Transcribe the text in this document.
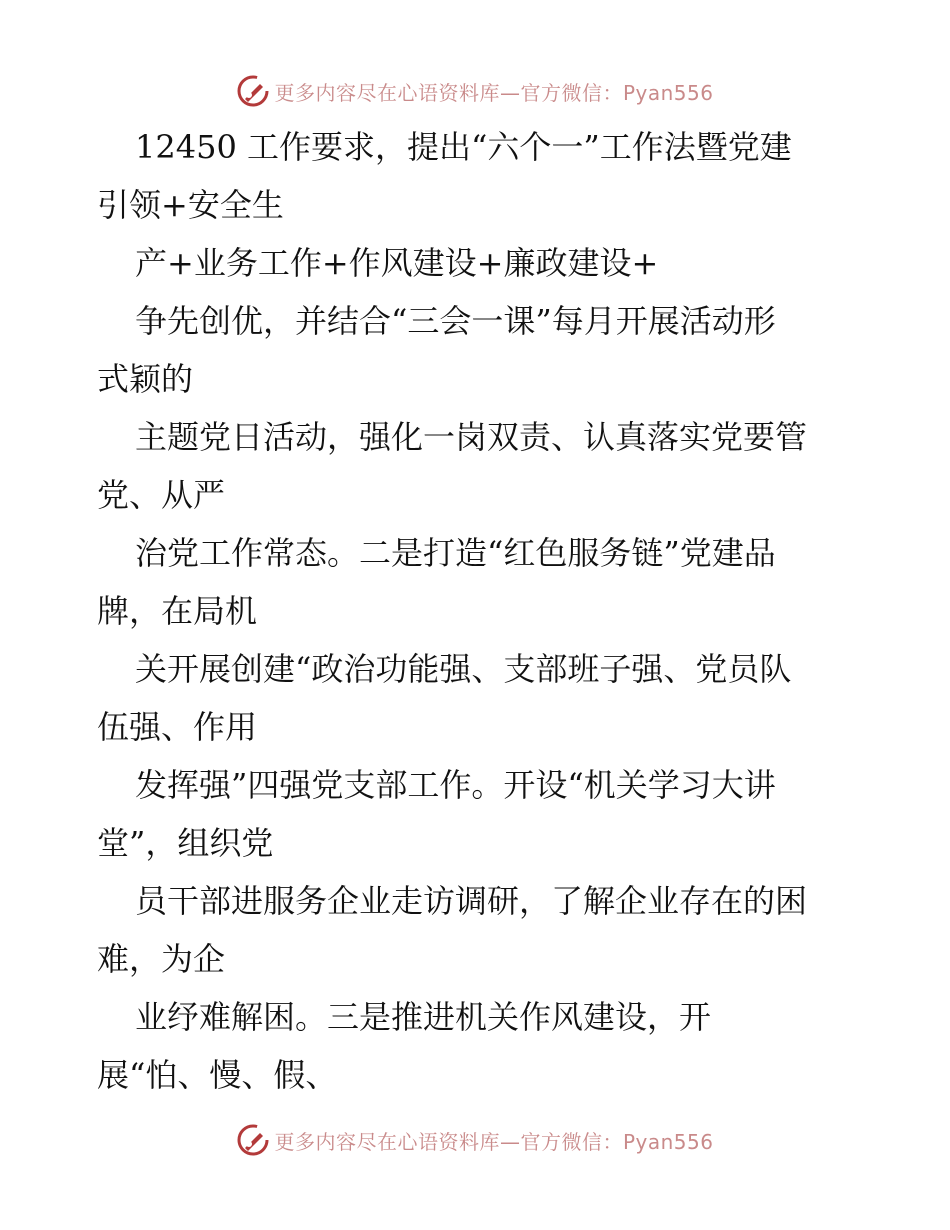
更多内容尽在心语资料库—官方微信：Pyan556
12450 工作要求，提出“六个一”工作法暨党建
引领+安全生
产+业务工作+作风建设+廉政建设+
争先创优，并结合“三会一课”每月开展活动形
式颖的
主题党日活动，强化一岗双责、认真落实党要管
党、从严
治党工作常态。二是打造“红色服务链”党建品
牌，在局机
关开展创建“政治功能强、支部班子强、党员队
伍强、作用
发挥强”四强党支部工作。开设“机关学习大讲
堂”，组织党
员干部进服务企业走访调研，了解企业存在的困
难，为企
业纾难解困。三是推进机关作风建设，开
展“怕、慢、假、
更多内容尽在心语资料库—官方微信：Pyan556
